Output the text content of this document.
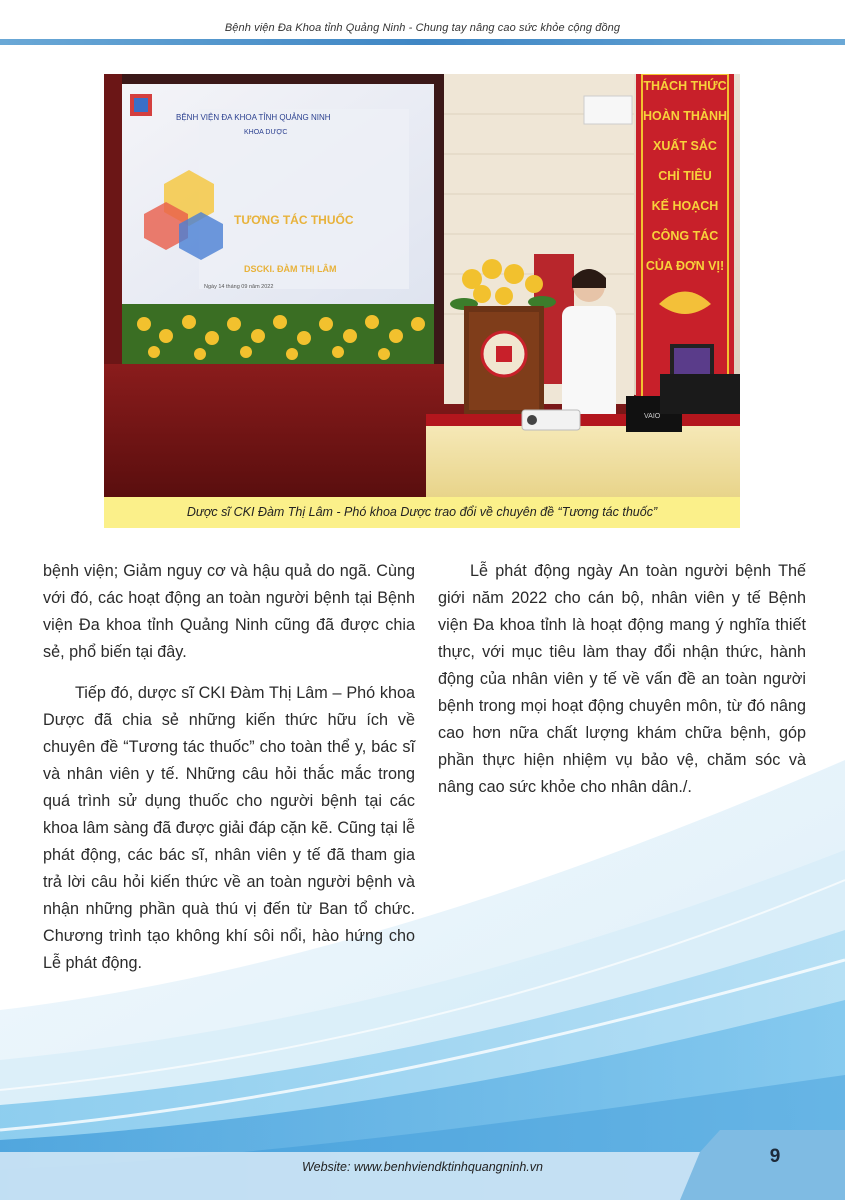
Bệnh viện Đa Khoa tỉnh Quảng Ninh - Chung tay nâng cao sức khỏe cộng đồng
BỆNH VIỆN ĐA KHOA TỈNH QUẢNG NINH
KHOA DƯỢC
TƯƠNG TÁC THUỐC
DSCKI. ĐÀM THỊ LÂM
Ngày 14 tháng 09 năm 2022
THÁCH THỨC
HOÀN THÀNH
XUẤT SẮC
CHỈ TIÊU
KẾ HOẠCH
CÔNG TÁC
CỦA ĐƠN VỊ!
VAIO
Dược sĩ CKI Đàm Thị Lâm - Phó khoa Dược trao đổi về chuyên đề “Tương tác thuốc”

bệnh viện; Giảm nguy cơ và hậu quả do ngã. Cùng với đó, các hoạt động an toàn người bệnh tại Bệnh viện Đa khoa tỉnh Quảng Ninh cũng đã được chia sẻ, phổ biến tại đây.

Tiếp đó, dược sĩ CKI Đàm Thị Lâm – Phó khoa Dược đã chia sẻ những kiến thức hữu ích về chuyên đề “Tương tác thuốc” cho toàn thể y, bác sĩ và nhân viên y tế. Những câu hỏi thắc mắc trong quá trình sử dụng thuốc cho người bệnh tại các khoa lâm sàng đã được giải đáp cặn kẽ. Cũng tại lễ phát động, các bác sĩ, nhân viên y tế đã tham gia trả lời câu hỏi kiến thức về an toàn người bệnh và nhận những phần quà thú vị đến từ Ban tổ chức. Chương trình tạo không khí sôi nổi, hào hứng cho Lễ phát động.

Lễ phát động ngày An toàn người bệnh Thế giới năm 2022 cho cán bộ, nhân viên y tế Bệnh viện Đa khoa tỉnh là hoạt động mang ý nghĩa thiết thực, với mục tiêu làm thay đổi nhận thức, hành động của nhân viên y tế về vấn đề an toàn người bệnh trong mọi hoạt động chuyên môn, từ đó nâng cao hơn nữa chất lượng khám chữa bệnh, góp phần thực hiện nhiệm vụ bảo vệ, chăm sóc và nâng cao sức khỏe cho nhân dân./.

Website: www.benhviendktinhquangninh.vn	9
